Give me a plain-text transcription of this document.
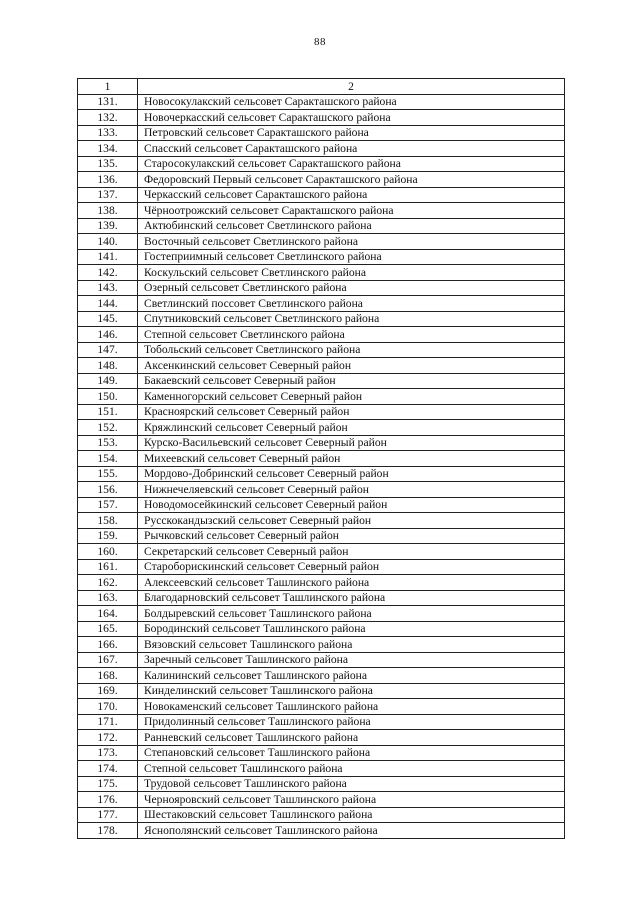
88
1	2
131.	Новосокулакский сельсовет Саракташского района
132.	Новочеркасский сельсовет Саракташского района
133.	Петровский сельсовет Саракташского района
134.	Спасский сельсовет Саракташского района
135.	Старосокулакский сельсовет Саракташского района
136.	Федоровский Первый сельсовет Саракташского района
137.	Черкасский сельсовет Саракташского района
138.	Чёрноотрожский сельсовет Саракташского района
139.	Актюбинский сельсовет Светлинского района
140.	Восточный сельсовет Светлинского района
141.	Гостеприимный сельсовет Светлинского района
142.	Коскульский сельсовет Светлинского района
143.	Озерный сельсовет Светлинского района
144.	Светлинский поссовет Светлинского района
145.	Спутниковский сельсовет Светлинского района
146.	Степной сельсовет Светлинского района
147.	Тобольский сельсовет Светлинского района
148.	Аксенкинский сельсовет Северный район
149.	Бакаевский сельсовет Северный район
150.	Каменногорский сельсовет Северный район
151.	Красноярский сельсовет Северный район
152.	Кряжлинский сельсовет Северный район
153.	Курско-Васильевский сельсовет Северный район
154.	Михеевский сельсовет Северный район
155.	Мордово-Добринский сельсовет Северный район
156.	Нижнечеляевский сельсовет Северный район
157.	Новодомосейкинский сельсовет Северный район
158.	Русскокандызский сельсовет Северный район
159.	Рычковский сельсовет Северный район
160.	Секретарский сельсовет Северный район
161.	Староборискинский сельсовет Северный район
162.	Алексеевский сельсовет Ташлинского района
163.	Благодарновский сельсовет Ташлинского района
164.	Болдыревский сельсовет Ташлинского района
165.	Бородинский сельсовет Ташлинского района
166.	Вязовский сельсовет Ташлинского района
167.	Заречный сельсовет Ташлинского района
168.	Калининский сельсовет Ташлинского района
169.	Кинделинский сельсовет Ташлинского района
170.	Новокаменский сельсовет Ташлинского района
171.	Придолинный сельсовет Ташлинского района
172.	Ранневский сельсовет Ташлинского района
173.	Степановский сельсовет Ташлинского района
174.	Степной сельсовет Ташлинского района
175.	Трудовой сельсовет Ташлинского района
176.	Чернояровский сельсовет Ташлинского района
177.	Шестаковский сельсовет Ташлинского района
178.	Яснополянский сельсовет Ташлинского района
